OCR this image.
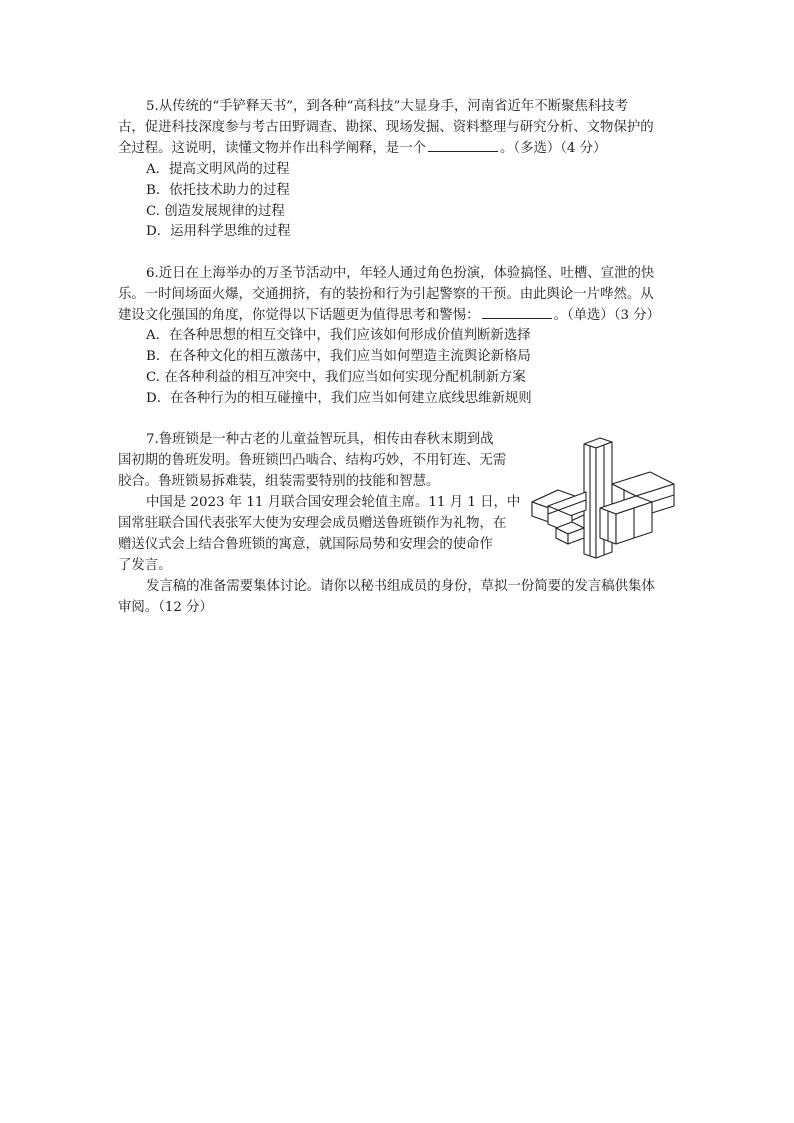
5.从传统的“手铲释天书”，到各种“高科技”大显身手，河南省近年不断聚焦科技考
古，促进科技深度参与考古田野调查、勘探、现场发掘、资料整理与研究分析、文物保护的
全过程。这说明，读懂文物并作出科学阐释，是一个	。（多选）（4 分）
A．提高文明风尚的过程
B．依托技术助力的过程
C. 创造发展规律的过程
D．运用科学思维的过程
6.近日在上海举办的万圣节活动中，年轻人通过角色扮演，体验搞怪、吐槽、宣泄的快
乐。一时间场面火爆，交通拥挤，有的装扮和行为引起警察的干预。由此舆论一片哗然。从
建设文化强国的角度，你觉得以下话题更为值得思考和警惕：	。（单选）（3 分）
A．在各种思想的相互交锋中，我们应该如何形成价值判断新选择
B．在各种文化的相互激荡中，我们应当如何塑造主流舆论新格局
C. 在各种利益的相互冲突中，我们应当如何实现分配机制新方案
D．在各种行为的相互碰撞中，我们应当如何建立底线思维新规则
7.鲁班锁是一种古老的儿童益智玩具，相传由春秋末期到战
国初期的鲁班发明。鲁班锁凹凸啮合、结构巧妙，不用钉连、无需
胶合。鲁班锁易拆难装，组装需要特别的技能和智慧。
中国是 2023 年 11 月联合国安理会轮值主席。11 月 1 日，中
国常驻联合国代表张军大使为安理会成员赠送鲁班锁作为礼物，在
赠送仪式会上结合鲁班锁的寓意，就国际局势和安理会的使命作
了发言。
发言稿的准备需要集体讨论。请你以秘书组成员的身份，草拟一份简要的发言稿供集体
审阅。（12 分）
